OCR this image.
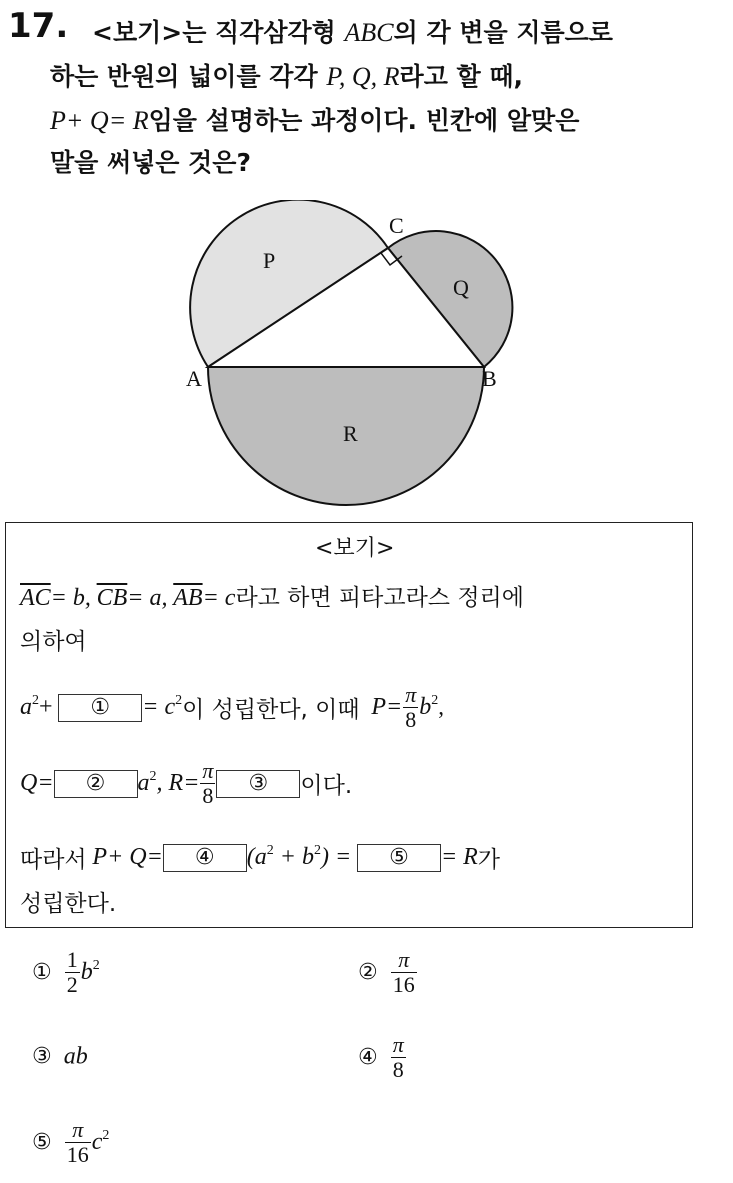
17. <보기>는 직각삼각형 ABC의 각 변을 지름으로
하는 반원의 넓이를 각각 P, Q, R라고 할 때,
P+ Q= R임을 설명하는 과정이다. 빈칸에 알맞은
말을 써넣은 것은?
A	B
C
P
Q
R
<보기>
$\overline{AC}= b$, $\overline{CB}= a$, $\overline{AB}= c$라고 하면 피타고라스 정리에
의하여
$a^2+$ ① = $c^2$이 성립한다, 이때 $P= \frac{\pi}{8} b^2$,
Q= ② $a^2$, $R= \frac{\pi}{8}$ ③ 이다.
따라서 P+ Q= ④ $(a^2 + b^2)$ = ⑤ = R가
성립한다.
① $\frac{1}{2} b^2$	② $\frac{\pi}{16}$
③ ab	④ $\frac{\pi}{8}$
⑤ $\frac{\pi}{16} c^2$
